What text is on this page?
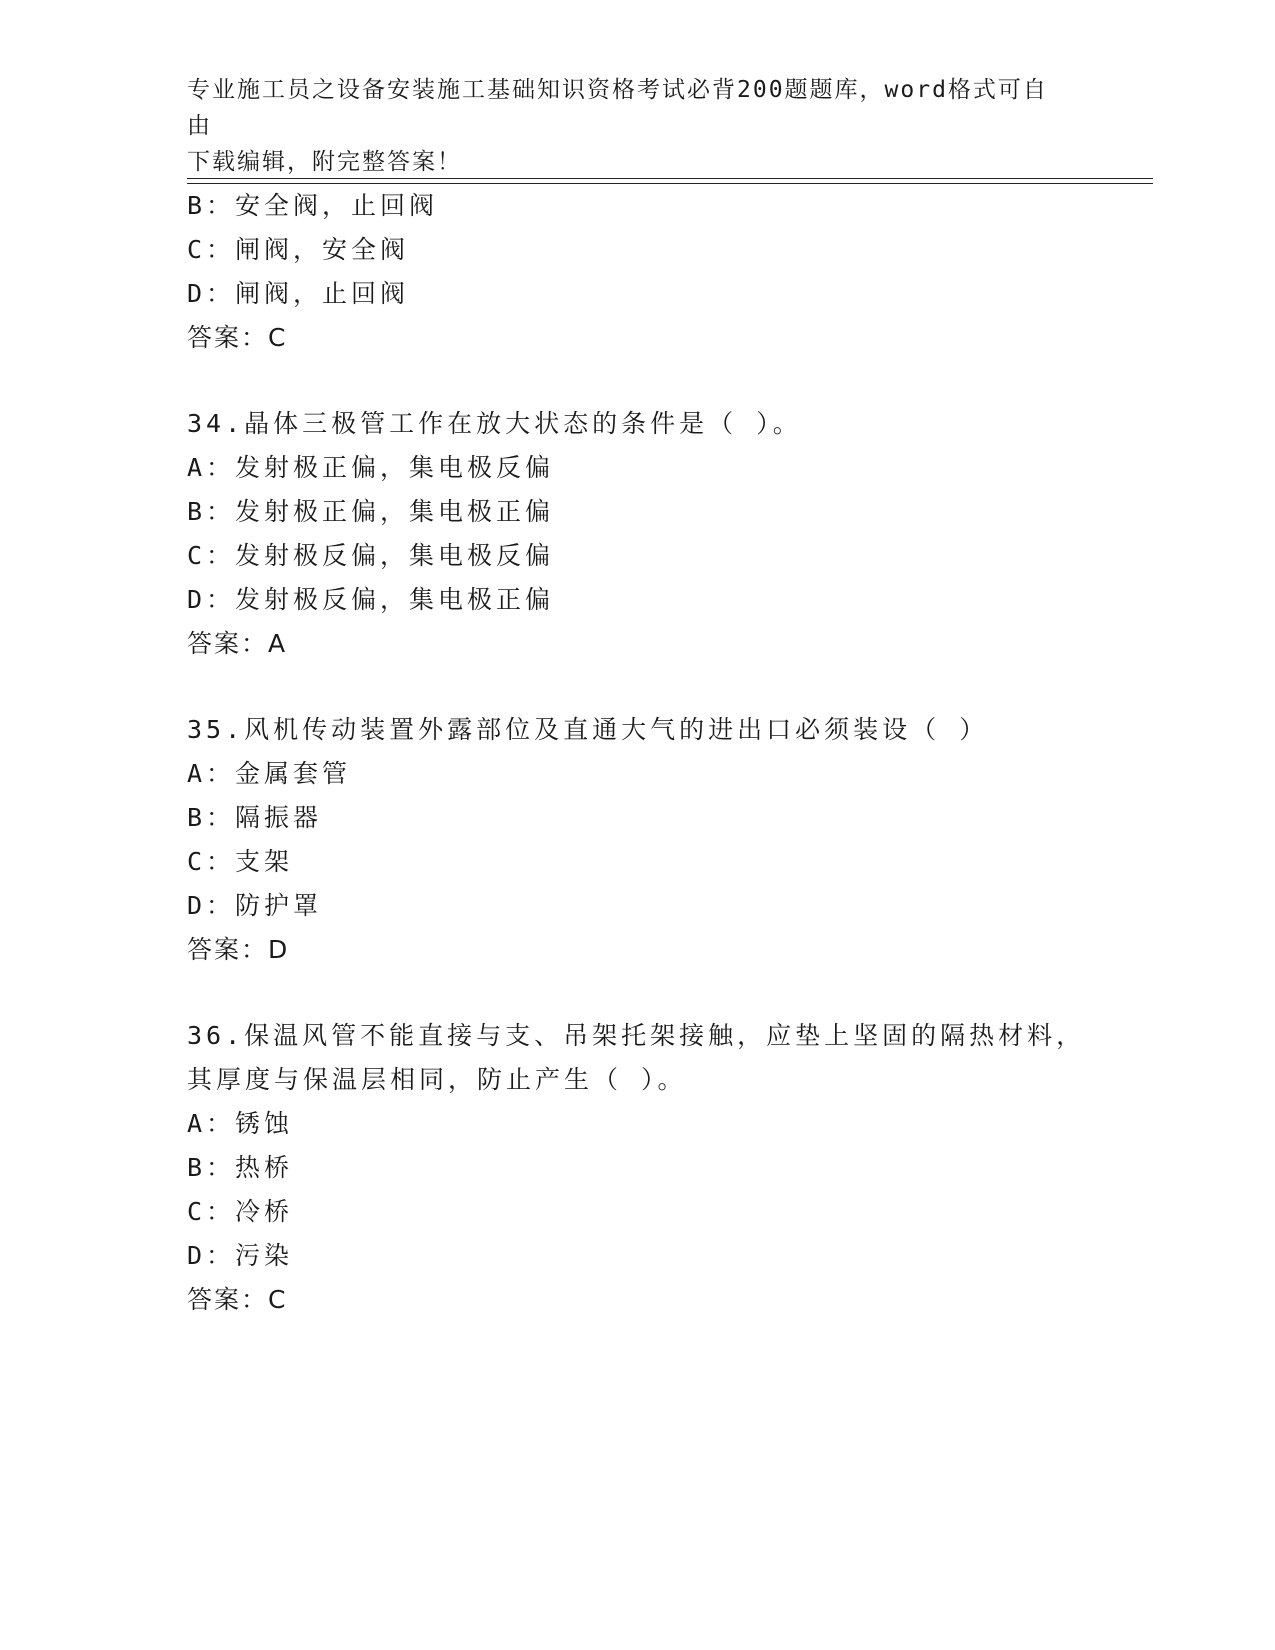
专业施工员之设备安装施工基础知识资格考试必背200题题库，word格式可自由
下载编辑，附完整答案！
B：安全阀，止回阀
C：闸阀，安全阀
D：闸阀，止回阀
答案：C
34.晶体三极管工作在放大状态的条件是（ ）。
A：发射极正偏，集电极反偏
B：发射极正偏，集电极正偏
C：发射极反偏，集电极反偏
D：发射极反偏，集电极正偏
答案：A
35.风机传动装置外露部位及直通大气的进出口必须装设（ ）
A：金属套管
B：隔振器
C：支架
D：防护罩
答案：D
36.保温风管不能直接与支、吊架托架接触，应垫上坚固的隔热材料，
其厚度与保温层相同，防止产生（ ）。
A：锈蚀
B：热桥
C：冷桥
D：污染
答案：C
